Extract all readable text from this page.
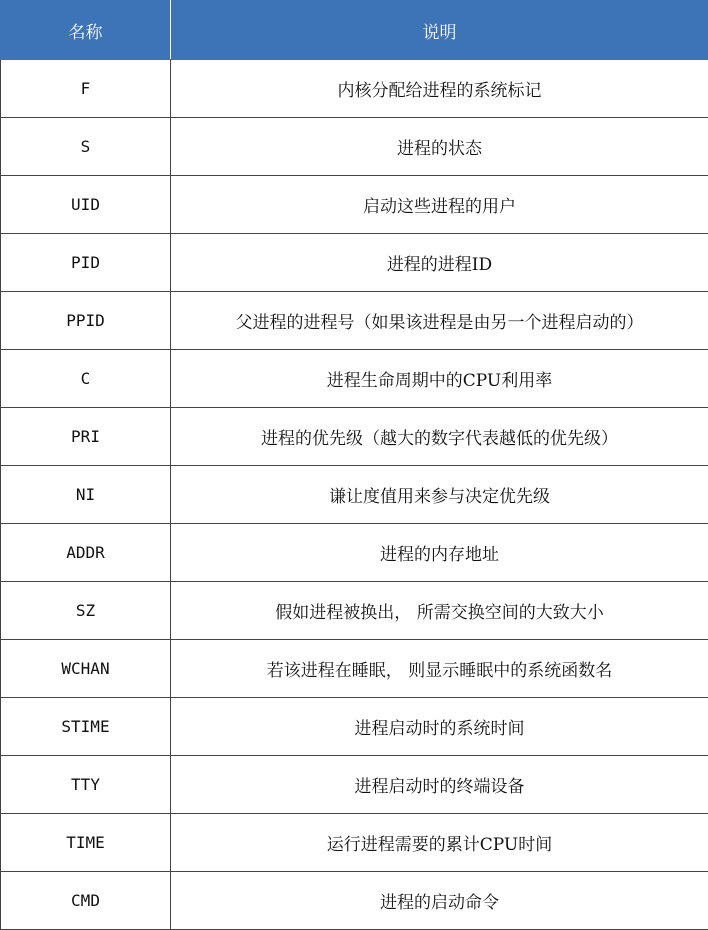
名称	说明
F	内核分配给进程的系统标记
S	进程的状态
UID	启动这些进程的用户
PID	进程的进程ID
PPID	父进程的进程号（如果该进程是由另一个进程启动的）
C	进程生命周期中的CPU利用率
PRI	进程的优先级（越大的数字代表越低的优先级）
NI	谦让度值用来参与决定优先级
ADDR	进程的内存地址
SZ	假如进程被换出， 所需交换空间的大致大小
WCHAN	若该进程在睡眠， 则显示睡眠中的系统函数名
STIME	进程启动时的系统时间
TTY	进程启动时的终端设备
TIME	运行进程需要的累计CPU时间
CMD	进程的启动命令
